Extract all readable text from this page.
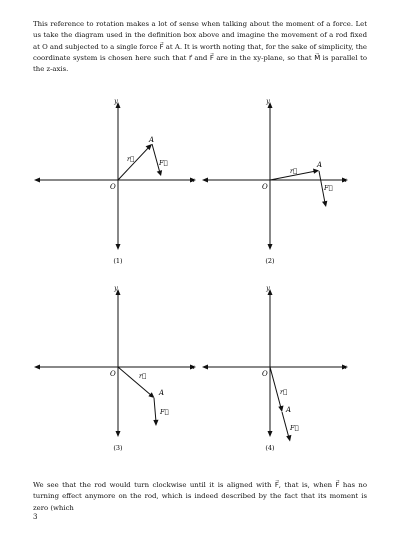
This reference to rotation makes a lot of sense when talking about the moment of a force. Let us take the diagram used in the definition box above and imagine the movement of a rod fixed at O and subjected to a single force F⃗ at A. It is worth noting that, for the sake of simplicity, the coordinate system is chosen here such that r⃗ and F⃗ are in the xy-plane, so that M⃗ is parallel to the z-axis.

y
x
O
A
r⃗	F⃗
(1)
y
x
O
A
r⃗
F⃗
(2)
y
x
O
A
r⃗
F⃗
(3)
y
x
O
A
r⃗
F⃗
(4)

We see that the rod would turn clockwise until it is aligned with F⃗, that is, when F⃗ has no turning effect anymore on the rod, which is indeed described by the fact that its moment is zero (which

3
